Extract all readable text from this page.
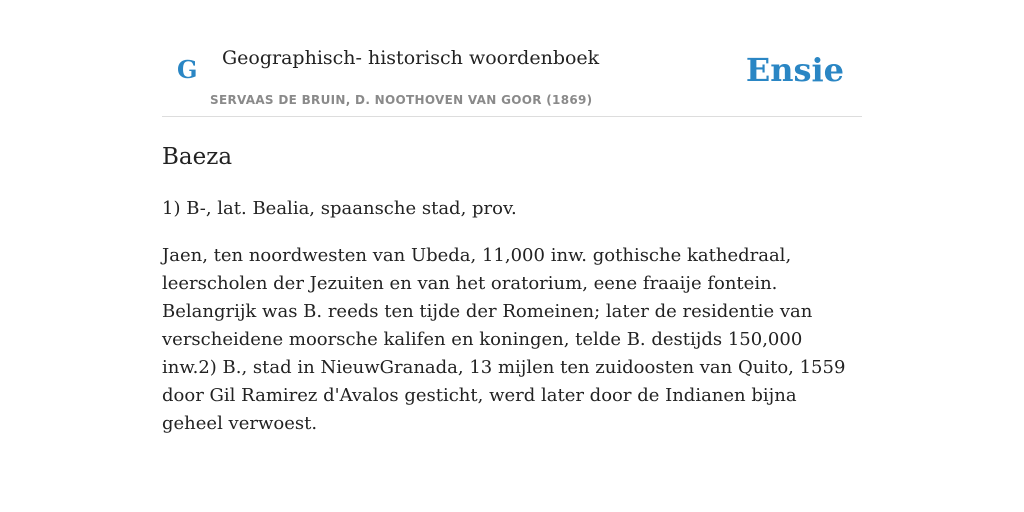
G Geographisch- historisch woordenboek
SERVAAS DE BRUIN, D. NOOTHOVEN VAN GOOR (1869)
Ensie
Baeza

1) B-, lat. Bealia, spaansche stad, prov.

Jaen, ten noordwesten van Ubeda, 11,000 inw. gothische kathedraal, leerscholen der Jezuiten en van het oratorium, eene fraaije fontein. Belangrijk was B. reeds ten tijde der Romeinen; later de residentie van verscheidene moorsche kalifen en koningen, telde B. destijds 150,000 inw.2) B., stad in NieuwGranada, 13 mijlen ten zuidoosten van Quito, 1559 door Gil Ramirez d'Avalos gesticht, werd later door de Indianen bijna geheel verwoest.
